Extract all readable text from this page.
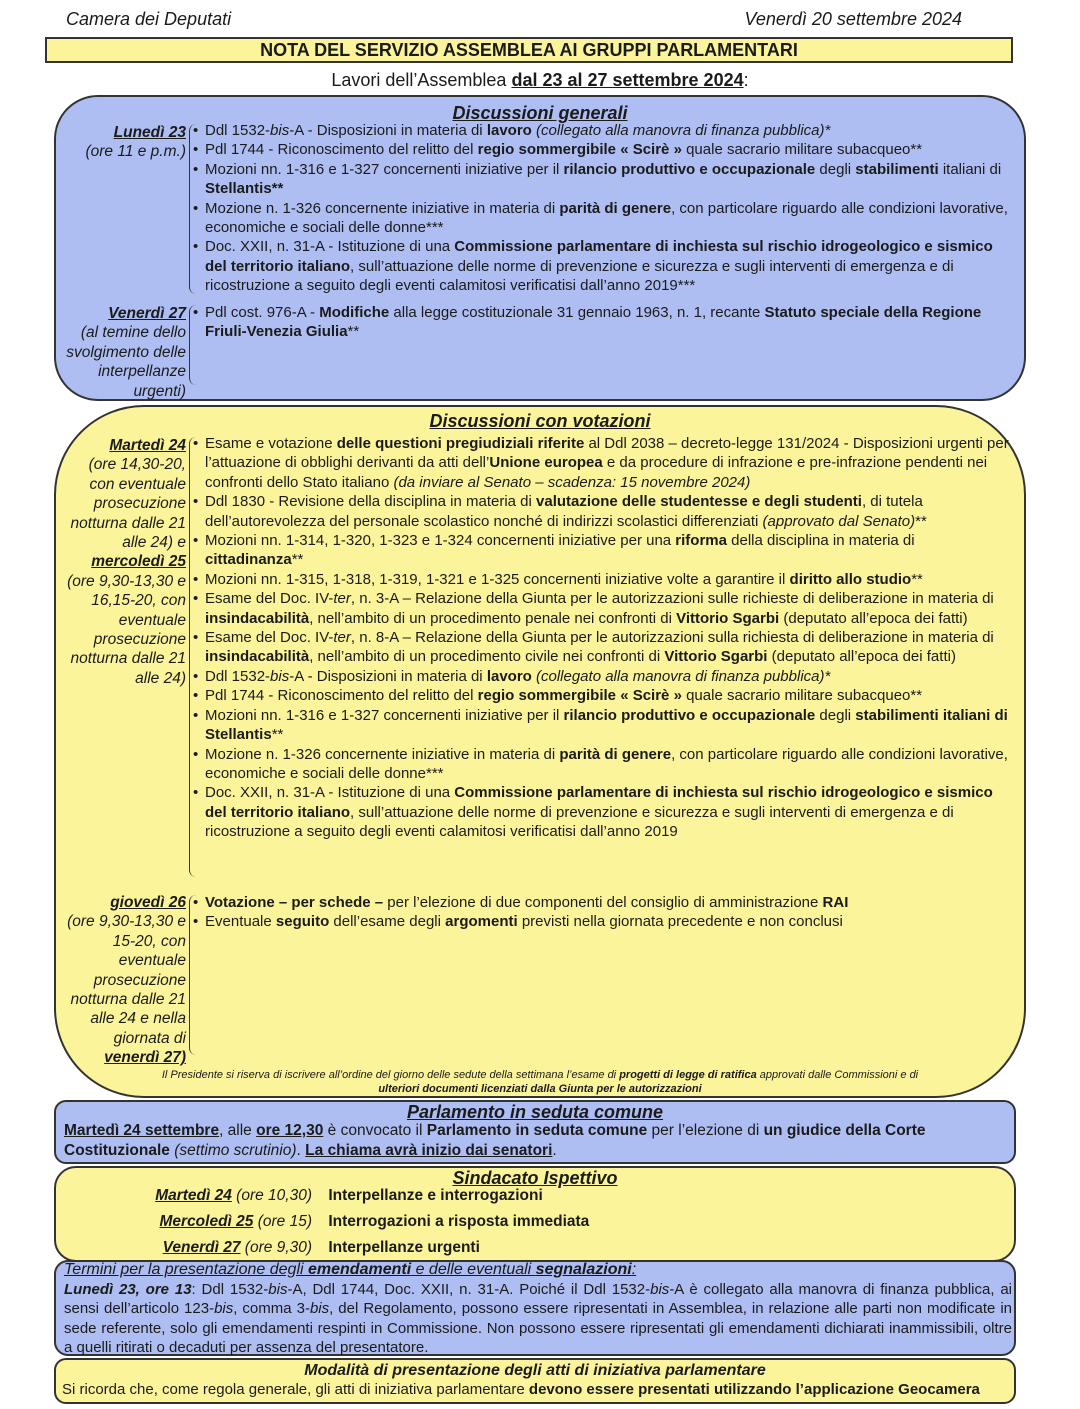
Camera dei Deputati	Venerdì 20 settembre 2024
NOTA DEL SERVIZIO ASSEMBLEA AI GRUPPI PARLAMENTARI
Lavori dell’Assemblea dal 23 al 27 settembre 2024:
Discussioni generali
Lunedì 23
(ore 11 e p.m.)
• Ddl 1532-bis-A - Disposizioni in materia di lavoro (collegato alla manovra di finanza pubblica)*
• Pdl 1744 - Riconoscimento del relitto del regio sommergibile « Scirè » quale sacrario militare subacqueo**
• Mozioni nn. 1-316 e 1-327 concernenti iniziative per il rilancio produttivo e occupazionale degli stabilimenti italiani di Stellantis**
• Mozione n. 1-326 concernente iniziative in materia di parità di genere, con particolare riguardo alle condizioni lavorative, economiche e sociali delle donne***
• Doc. XXII, n. 31-A - Istituzione di una Commissione parlamentare di inchiesta sul rischio idrogeologico e sismico del territorio italiano, sull’attuazione delle norme di prevenzione e sicurezza e sugli interventi di emergenza e di ricostruzione a seguito degli eventi calamitosi verificatisi dall’anno 2019***
Venerdì 27
(al temine dello svolgimento delle interpellanze urgenti)
• Pdl cost. 976-A - Modifiche alla legge costituzionale 31 gennaio 1963, n. 1, recante Statuto speciale della Regione Friuli-Venezia Giulia**
Discussioni con votazioni
Martedì 24
(ore 14,30-20, con eventuale prosecuzione notturna dalle 21 alle 24) e
mercoledì 25
(ore 9,30-13,30 e 16,15-20, con eventuale prosecuzione notturna dalle 21 alle 24)
• Esame e votazione delle questioni pregiudiziali riferite al Ddl 2038 – decreto-legge 131/2024 - Disposizioni urgenti per l’attuazione di obblighi derivanti da atti dell’Unione europea e da procedure di infrazione e pre-infrazione pendenti nei confronti dello Stato italiano (da inviare al Senato – scadenza: 15 novembre 2024)
• Ddl 1830 - Revisione della disciplina in materia di valutazione delle studentesse e degli studenti, di tutela dell’autorevolezza del personale scolastico nonché di indirizzi scolastici differenziati (approvato dal Senato)**
• Mozioni nn. 1-314, 1-320, 1-323 e 1-324 concernenti iniziative per una riforma della disciplina in materia di cittadinanza**
• Mozioni nn. 1-315, 1-318, 1-319, 1-321 e 1-325 concernenti iniziative volte a garantire il diritto allo studio**
• Esame del Doc. IV-ter, n. 3-A – Relazione della Giunta per le autorizzazioni sulle richieste di deliberazione in materia di insindacabilità, nell’ambito di un procedimento penale nei confronti di Vittorio Sgarbi (deputato all’epoca dei fatti)
• Esame del Doc. IV-ter, n. 8-A – Relazione della Giunta per le autorizzazioni sulla richiesta di deliberazione in materia di insindacabilità, nell’ambito di un procedimento civile nei confronti di Vittorio Sgarbi (deputato all’epoca dei fatti)
• Ddl 1532-bis-A - Disposizioni in materia di lavoro (collegato alla manovra di finanza pubblica)*
• Pdl 1744 - Riconoscimento del relitto del regio sommergibile « Scirè » quale sacrario militare subacqueo**
• Mozioni nn. 1-316 e 1-327 concernenti iniziative per il rilancio produttivo e occupazionale degli stabilimenti italiani di Stellantis**
• Mozione n. 1-326 concernente iniziative in materia di parità di genere, con particolare riguardo alle condizioni lavorative, economiche e sociali delle donne***
• Doc. XXII, n. 31-A - Istituzione di una Commissione parlamentare di inchiesta sul rischio idrogeologico e sismico del territorio italiano, sull’attuazione delle norme di prevenzione e sicurezza e sugli interventi di emergenza e di ricostruzione a seguito degli eventi calamitosi verificatisi dall’anno 2019
giovedì 26
(ore 9,30-13,30 e 15-20, con eventuale prosecuzione notturna dalle 21 alle 24 e nella giornata di
venerdì 27)
• Votazione – per schede – per l’elezione di due componenti del consiglio di amministrazione RAI
• Eventuale seguito dell’esame degli argomenti previsti nella giornata precedente e non conclusi
Il Presidente si riserva di iscrivere all’ordine del giorno delle sedute della settimana l’esame di progetti di legge di ratifica approvati dalle Commissioni e di ulteriori documenti licenziati dalla Giunta per le autorizzazioni
Parlamento in seduta comune
Martedì 24 settembre, alle ore 12,30 è convocato il Parlamento in seduta comune per l’elezione di un giudice della Corte Costituzionale (settimo scrutinio). La chiama avrà inizio dai senatori.
Sindacato Ispettivo
Martedì 24 (ore 10,30) Interpellanze e interrogazioni
Mercoledì 25 (ore 15) Interrogazioni a risposta immediata
Venerdì 27 (ore 9,30) Interpellanze urgenti
Termini per la presentazione degli emendamenti e delle eventuali segnalazioni:
Lunedì 23, ore 13: Ddl 1532-bis-A, Ddl 1744, Doc. XXII, n. 31-A. Poiché il Ddl 1532-bis-A è collegato alla manovra di finanza pubblica, ai sensi dell’articolo 123-bis, comma 3-bis, del Regolamento, possono essere ripresentati in Assemblea, in relazione alle parti non modificate in sede referente, solo gli emendamenti respinti in Commissione. Non possono essere ripresentati gli emendamenti dichiarati inammissibili, oltre a quelli ritirati o decaduti per assenza del presentatore.
Modalità di presentazione degli atti di iniziativa parlamentare
Si ricorda che, come regola generale, gli atti di iniziativa parlamentare devono essere presentati utilizzando l’applicazione Geocamera
